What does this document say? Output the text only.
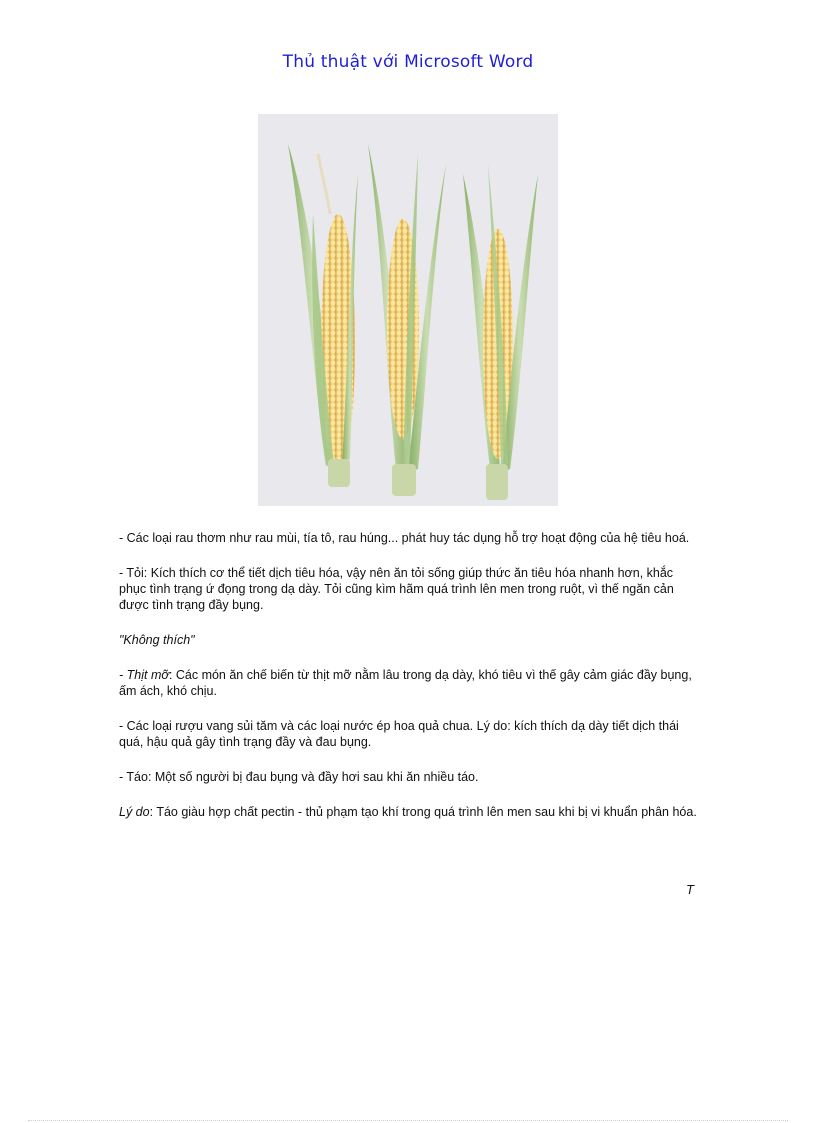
Thủ thuật với Microsoft Word

- Các loại rau thơm như rau mùi, tía tô, rau húng... phát huy tác dụng hỗ trợ hoạt động của hệ tiêu hoá.

- Tỏi: Kích thích cơ thể tiết dịch tiêu hóa, vậy nên ăn tỏi sống giúp thức ăn tiêu hóa nhanh hơn, khắc phục tình trạng ứ đọng trong dạ dày. Tỏi cũng kìm hãm quá trình lên men trong ruột, vì thế ngăn cản được tình trạng đầy bụng.

"Không thích"

- Thịt mỡ: Các món ăn chế biến từ thịt mỡ nằm lâu trong dạ dày, khó tiêu vì thế gây cảm giác đầy bụng, ấm ách, khó chịu.

- Các loại rượu vang sủi tăm và các loại nước ép hoa quả chua. Lý do: kích thích dạ dày tiết dịch thái quá, hậu quả gây tình trạng đầy và đau bụng.

- Táo: Một số người bị đau bụng và đầy hơi sau khi ăn nhiều táo.

Lý do: Táo giàu hợp chất pectin - thủ phạm tạo khí trong quá trình lên men sau khi bị vi khuẩn phân hóa.

T
